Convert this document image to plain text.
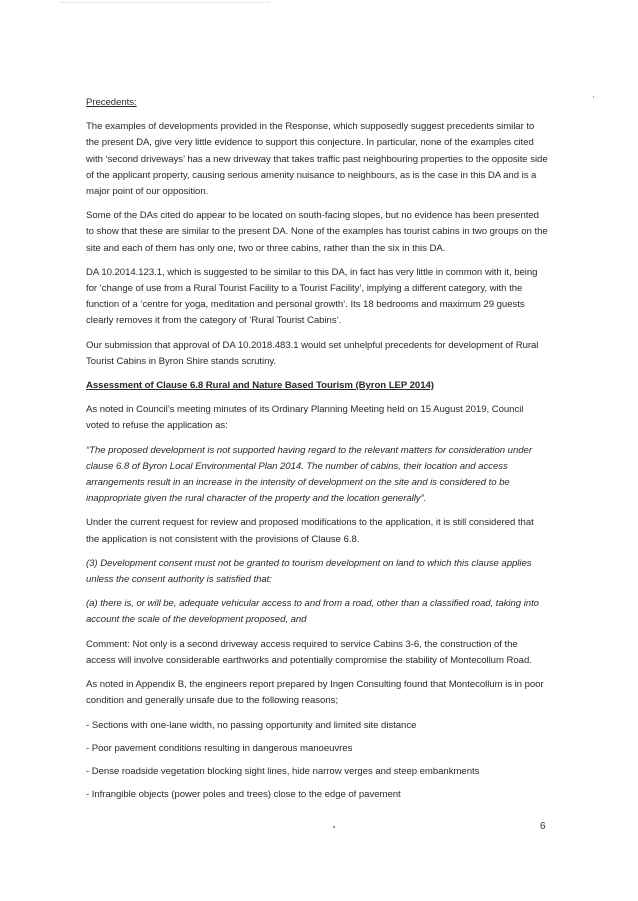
Precedents:

The examples of developments provided in the Response, which supposedly suggest precedents similar to the present DA, give very little evidence to support this conjecture. In particular, none of the examples cited with ‘second driveways’ has a new driveway that takes traffic past neighbouring properties to the opposite side of the applicant property, causing serious amenity nuisance to neighbours, as is the case in this DA and is a major point of our opposition.

Some of the DAs cited do appear to be located on south-facing slopes, but no evidence has been presented to show that these are similar to the present DA. None of the examples has tourist cabins in two groups on the site and each of them has only one, two or three cabins, rather than the six in this DA.

DA 10.2014.123.1, which is suggested to be similar to this DA, in fact has very little in common with it, being for ‘change of use from a Rural Tourist Facility to a Tourist Facility’, implying a different category, with the function of a ‘centre for yoga, meditation and personal growth’. Its 18 bedrooms and maximum 29 guests clearly removes it from the category of ‘Rural Tourist Cabins’.

Our submission that approval of DA 10.2018.483.1 would set unhelpful precedents for development of Rural Tourist Cabins in Byron Shire stands scrutiny.

Assessment of Clause 6.8 Rural and Nature Based Tourism (Byron LEP 2014)

As noted in Council’s meeting minutes of its Ordinary Planning Meeting held on 15 August 2019, Council voted to refuse the application as:

“The proposed development is not supported having regard to the relevant matters for consideration under clause 6.8 of Byron Local Environmental Plan 2014. The number of cabins, their location and access arrangements result in an increase in the intensity of development on the site and is considered to be inappropriate given the rural character of the property and the location generally”.

Under the current request for review and proposed modifications to the application, it is still considered that the application is not consistent with the provisions of Clause 6.8.

(3) Development consent must not be granted to tourism development on land to which this clause applies unless the consent authority is satisfied that:

(a) there is, or will be, adequate vehicular access to and from a road, other than a classified road, taking into account the scale of the development proposed, and

Comment: Not only is a second driveway access required to service Cabins 3-6, the construction of the access will involve considerable earthworks and potentially compromise the stability of Montecollum Road.

As noted in Appendix B, the engineers report prepared by Ingen Consulting found that Montecollum is in poor condition and generally unsafe due to the following reasons;

- Sections with one-lane width, no passing opportunity and limited site distance

- Poor pavement conditions resulting in dangerous manoeuvres

- Dense roadside vegetation blocking sight lines, hide narrow verges and steep embankments

- Infrangible objects (power poles and trees) close to the edge of pavement

6
